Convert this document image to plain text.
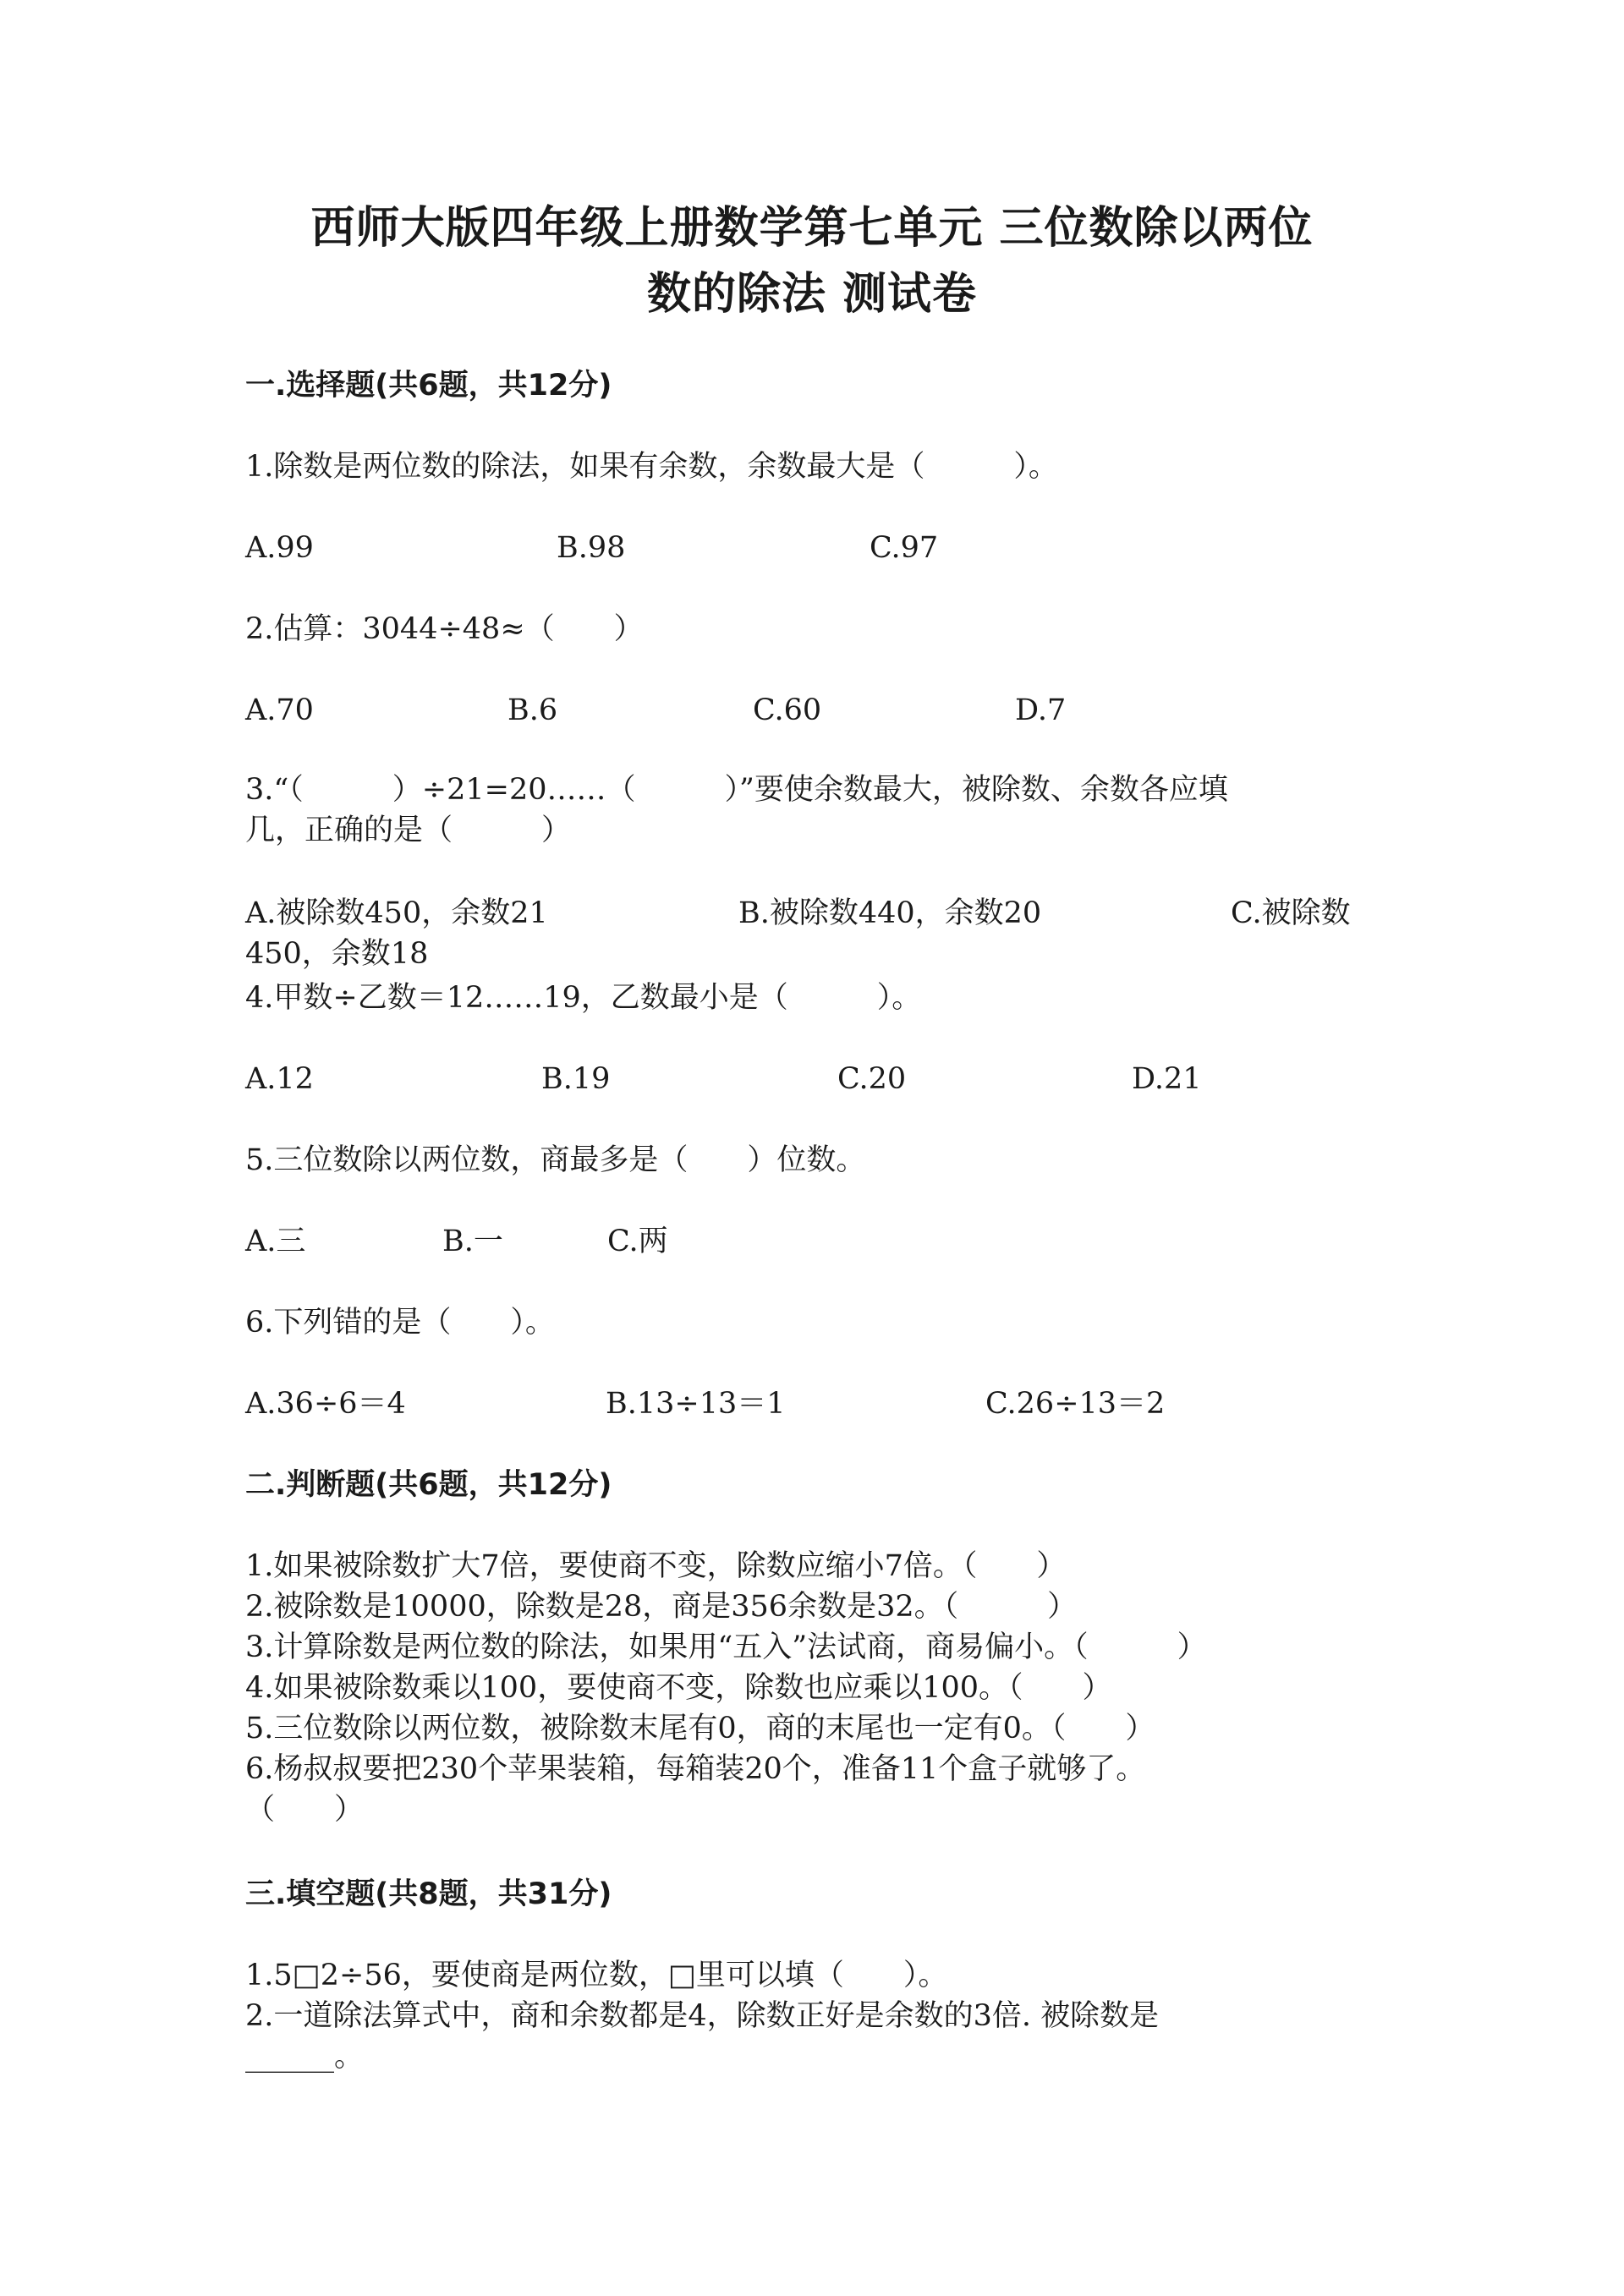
西师大版四年级上册数学第七单元 三位数除以两位
数的除法 测试卷
一.选择题(共6题，共12分)
1.除数是两位数的除法，如果有余数，余数最大是（　　　）。
A.99	B.98	C.97
2.估算：3044÷48≈（　　）
A.70	B.6	C.60	D.7
3.“（　　　）÷21=20……（　　　）”要使余数最大，被除数、余数各应填
几，正确的是（　　　）
A.被除数450，余数21	B.被除数440，余数20	C.被除数
450，余数18
4.甲数÷乙数＝12……19，乙数最小是（　　　）。
A.12	B.19	C.20	D.21
5.三位数除以两位数，商最多是（　　）位数。
A.三	B.一	C.两
6.下列错的是（　　）。
A.36÷6＝4	B.13÷13＝1	C.26÷13＝2
二.判断题(共6题，共12分)
1.如果被除数扩大7倍，要使商不变，除数应缩小7倍。（　　）
2.被除数是10000，除数是28，商是356余数是32。（　　　）
3.计算除数是两位数的除法，如果用“五入”法试商，商易偏小。（　　　）
4.如果被除数乘以100，要使商不变，除数也应乘以100。（　　）
5.三位数除以两位数，被除数末尾有0，商的末尾也一定有0。（　　）
6.杨叔叔要把230个苹果装箱，每箱装20个，准备11个盒子就够了。
（　　）
三.填空题(共8题，共31分)
1.5□2÷56，要使商是两位数，□里可以填（　　）。
2.一道除法算式中，商和余数都是4，除数正好是余数的3倍. 被除数是
______。
